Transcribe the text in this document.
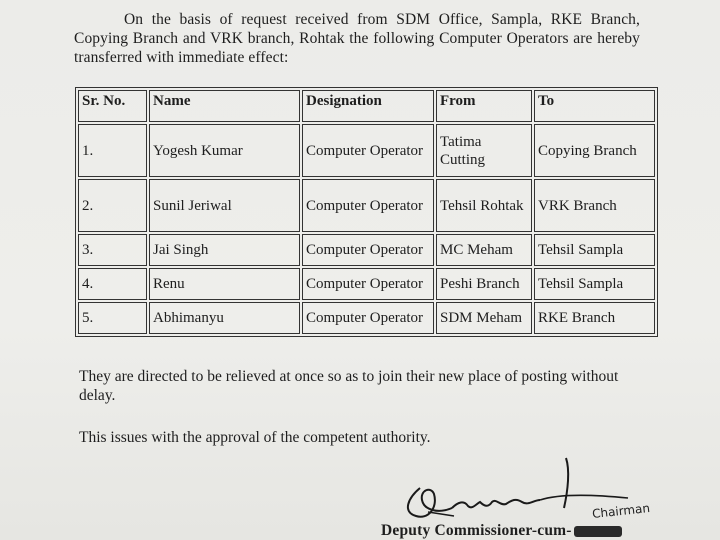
On the basis of request received from SDM Office, Sampla, RKE Branch, Copying Branch and VRK branch, Rohtak the following Computer Operators are hereby transferred with immediate effect:

Sr. No.	Name	Designation	From	To
1.	Yogesh Kumar	Computer Operator	Tatima Cutting	Copying Branch
2.	Sunil Jeriwal	Computer Operator	Tehsil Rohtak	VRK Branch
3.	Jai Singh	Computer Operator	MC Meham	Tehsil Sampla
4.	Renu	Computer Operator	Peshi Branch	Tehsil Sampla
5.	Abhimanyu	Computer Operator	SDM Meham	RKE Branch

They are directed to be relieved at once so as to join their new place of posting without delay.

This issues with the approval of the competent authority.

Chairman
Deputy Commissioner-cum-
